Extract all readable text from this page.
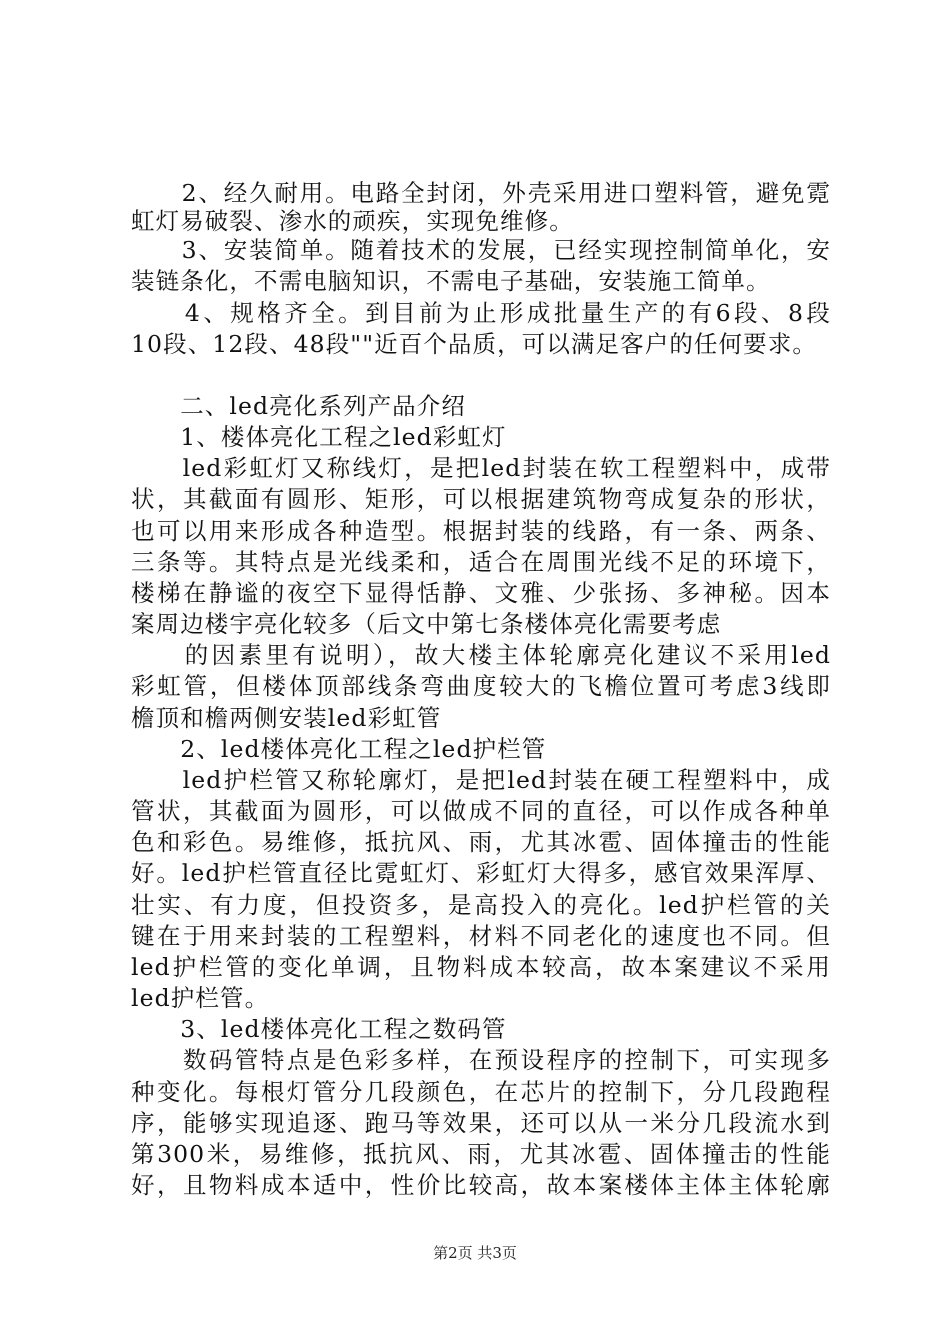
　　2、经久耐用。电路全封闭，外壳采用进口塑料管，避免霓
虹灯易破裂、渗水的顽疾，实现免维修。
　　3、安装简单。随着技术的发展，已经实现控制简单化，安
装链条化，不需电脑知识，不需电子基础，安装施工简单。
　　4、规格齐全。到目前为止形成批量生产的有6段、8段
10段、12段、48段""近百个品质，可以满足客户的任何要求。
　　二、led亮化系列产品介绍
　　1、楼体亮化工程之led彩虹灯
　　led彩虹灯又称线灯，是把led封装在软工程塑料中，成带
状，其截面有圆形、矩形，可以根据建筑物弯成复杂的形状，
也可以用来形成各种造型。根据封装的线路，有一条、两条、
三条等。其特点是光线柔和，适合在周围光线不足的环境下，
楼梯在静谧的夜空下显得恬静、文雅、少张扬、多神秘。因本
案周边楼宇亮化较多（后文中第七条楼体亮化需要考虑
　　的因素里有说明），故大楼主体轮廓亮化建议不采用led
彩虹管，但楼体顶部线条弯曲度较大的飞檐位置可考虑3线即
檐顶和檐两侧安装led彩虹管
　　2、led楼体亮化工程之led护栏管
　　led护栏管又称轮廓灯，是把led封装在硬工程塑料中，成
管状，其截面为圆形，可以做成不同的直径，可以作成各种单
色和彩色。易维修，抵抗风、雨，尤其冰雹、固体撞击的性能
好。led护栏管直径比霓虹灯、彩虹灯大得多，感官效果浑厚、
壮实、有力度，但投资多，是高投入的亮化。led护栏管的关
键在于用来封装的工程塑料，材料不同老化的速度也不同。但
led护栏管的变化单调，且物料成本较高，故本案建议不采用
led护栏管。
　　3、led楼体亮化工程之数码管
　　数码管特点是色彩多样，在预设程序的控制下，可实现多
种变化。每根灯管分几段颜色，在芯片的控制下，分几段跑程
序，能够实现追逐、跑马等效果，还可以从一米分几段流水到
第300米，易维修，抵抗风、雨，尤其冰雹、固体撞击的性能
好，且物料成本适中，性价比较高，故本案楼体主体主体轮廓
第2页 共3页
